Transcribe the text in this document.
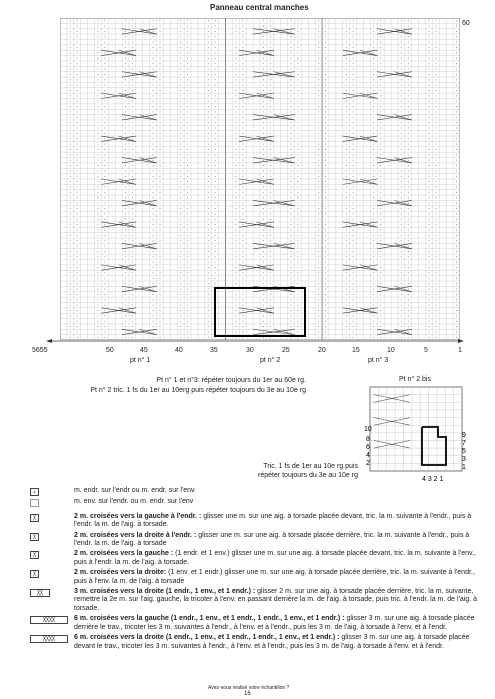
Panneau central manches
60
5655	50	45	40	35	30	25	20	15	10	5	1
pt n° 1	pt n° 2	pt n° 3
Pt n° 1 et n°3: répéter toujours du 1er au 60e rg.
Pt n° 2 tric. 1 fs du 1er au 10erg puis répéter toujours du 3e au 10e rg
Pt n° 2 bis
10
8
6
4
2
9
7
5
3
1
4 3 2 1
Tric. 1 fs de 1er au 10e rg puis répéter toujours du 3e au 10e rg
⊥	m. endr. sur l'endr ou m. endr. sur l'env.
m. env. sur l'endr. ou m. endr. sur l'env
╳	2 m. croisées vers la gauche à l'endr. : glisser une m. sur une aig. à torsade placée devant, tric. la m. suivante à l'endr., puis à l'endr. la m. de l'aig. à torsade.
╳	2 m. croisées vers la droite à l'endr. : glisser une m. sur une aig. à torsade placée derrière, tric. la m. suivante à l'endr., puis à l'endr. la m. de l'aig. à torsade
╳	2 m. croisées vers la gauche : (1 endr. et 1 env.) glisser une m. sur une aig. à torsade placée devant, tric. la m. suivante à l'env., puis à l'endr. la m. de l'aig. à torsade.
╳	2 m. croisées vers la droite: (1 env. et 1 endr.) glisser une m. sur une aig. à torsade placée derrière, tric. la m. suivante à l'endr., puis à l'env. la m. de l'aig. à torsade
╳╳	3 m. croisées vers la droite (1 endr., 1 env., et 1 endr.) : glisser 2 m. sur une aig. à torsade placée derrière, tric. la m. suivante, remettre la 2e m. sur l'aig. gauche, la tricoter à l'env. en passant derrière la m. de l'aig. à torsade, puis tric. à l'endr. la m. de l'aig. à torsade.
╳╳╳╳	6 m. croisées vers la gauche (1 endr., 1 env., et 1 endr., 1 endr., 1 env., et 1 endr.) : glisser 3 m. sur une aig. à torsade placée derrière le trav., tricoter les 3 m. suivantes à l'endr., à l'env. et à l'endr., puis les 3 m. de l'aig. à torsade à l'env. et à l'endr.
╳╳╳╳	6 m. croisées vers la droite (1 endr., 1 env., et 1 endr., 1 endr., 1 env., et 1 endr.) : glisser 3 m. sur une aig. à torsade placée devant le trav., tricoter les 3 m. suivantes à l'endr., à l'env. et à l'endr., puis les 3 m. de l'aig. à torsade à l'env. et à l'endr.
Avez-vous réalisé votre échantillon ?
16
